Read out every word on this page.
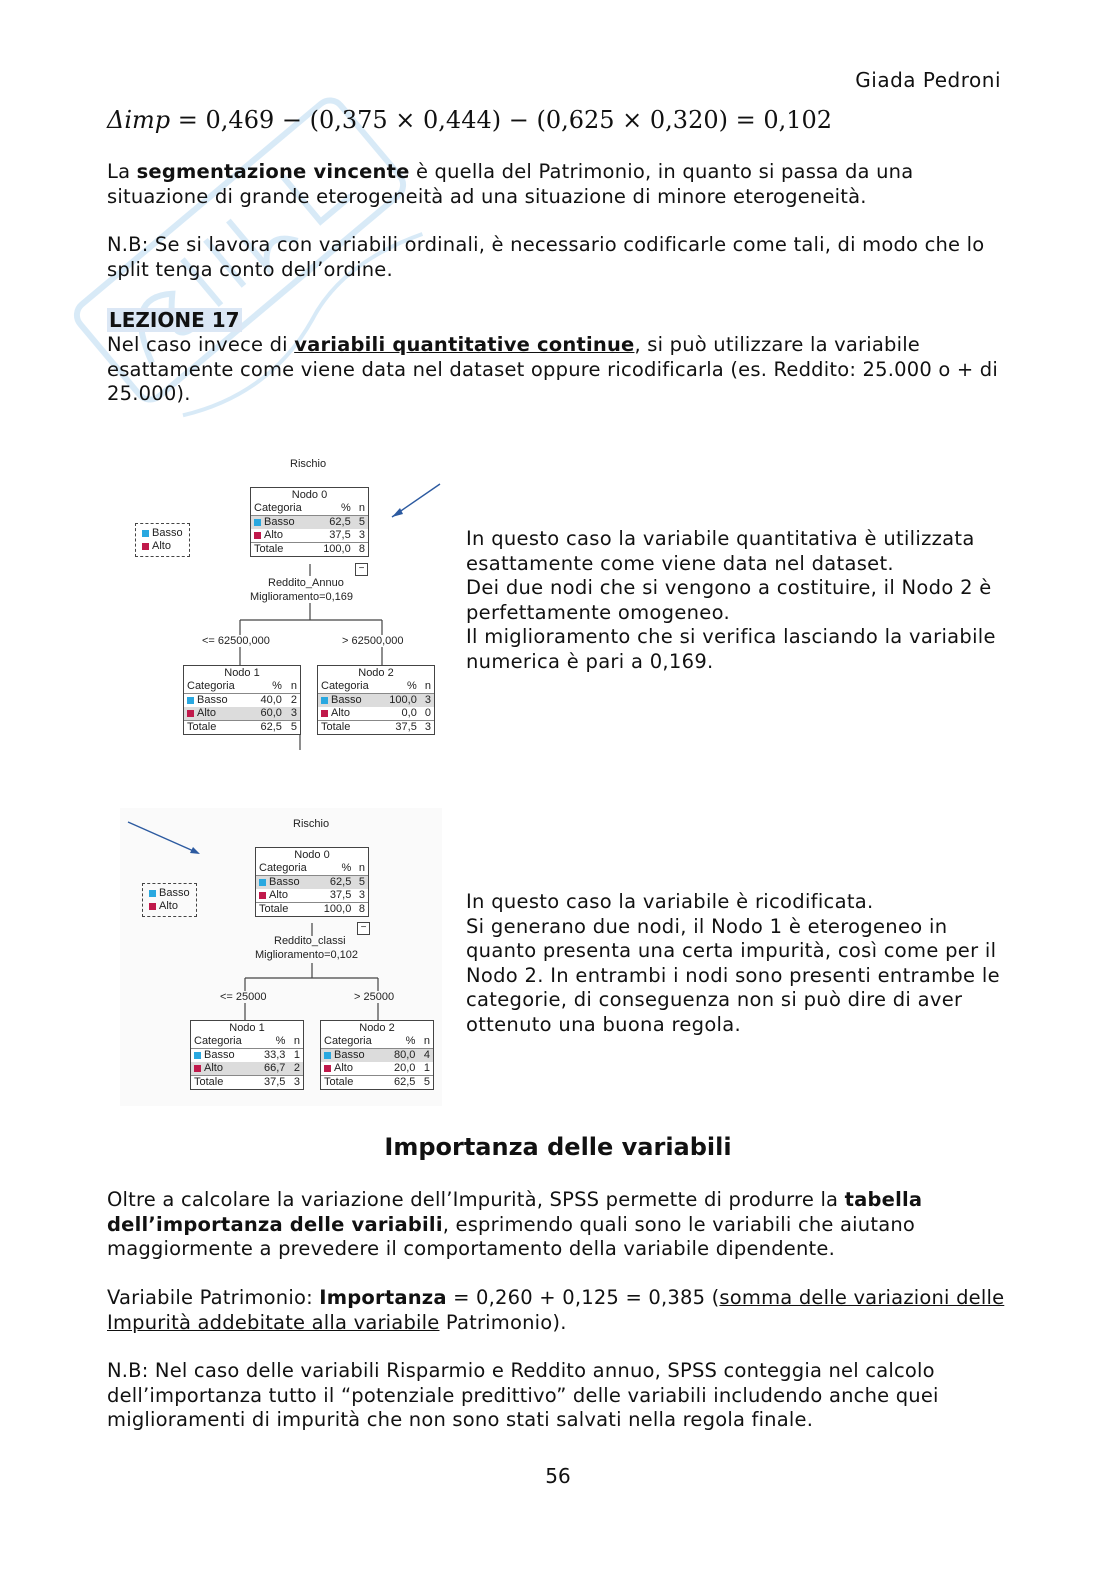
Giada Pedroni
Δimp = 0,469 − (0,375 × 0,444) − (0,625 × 0,320) = 0,102

La segmentazione vincente è quella del Patrimonio, in quanto si passa da una situazione di grande eterogeneità ad una situazione di minore eterogeneità.

N.B: Se si lavora con variabili ordinali, è necessario codificarle come tali, di modo che lo split tenga conto dell’ordine.

LEZIONE 17

Nel caso invece di variabili quantitative continue, si può utilizzare la variabile esattamente come viene data nel dataset oppure ricodificarla (es. Reddito: 25.000 o + di 25.000).

Rischio
Basso
Alto
Nodo 0
Categoria	%	n
Basso	62,5	5
Alto	37,5	3
Totale	100,0	8
−
Reddito_Annuo
Miglioramento=0,169
<= 62500,000	> 62500,000
Nodo 1
Categoria	%	n
Basso	40,0	2
Alto	60,0	3
Totale	62,5	5
Nodo 2
Categoria	%	n
Basso	100,0	3
Alto	0,0	0
Totale	37,5	3

In questo caso la variabile quantitativa è utilizzata esattamente come viene data nel dataset.

Dei due nodi che si vengono a costituire, il Nodo 2 è perfettamente omogeneo.

Il miglioramento che si verifica lasciando la variabile numerica è pari a 0,169.

Rischio
Basso
Alto
Nodo 0
Categoria	%	n
Basso	62,5	5
Alto	37,5	3
Totale	100,0	8
−
Reddito_classi
Miglioramento=0,102
<= 25000	> 25000
Nodo 1
Categoria	%	n
Basso	33,3	1
Alto	66,7	2
Totale	37,5	3
Nodo 2
Categoria	%	n
Basso	80,0	4
Alto	20,0	1
Totale	62,5	5

In questo caso la variabile è ricodificata.

Si generano due nodi, il Nodo 1 è eterogeneo in quanto presenta una certa impurità, così come per il Nodo 2. In entrambi i nodi sono presenti entrambe le categorie, di conseguenza non si può dire di aver ottenuto una buona regola.

Importanza delle variabili

Oltre a calcolare la variazione dell’Impurità, SPSS permette di produrre la tabella dell’importanza delle variabili, esprimendo quali sono le variabili che aiutano maggiormente a prevedere il comportamento della variabile dipendente.

Variabile Patrimonio: Importanza = 0,260 + 0,125 = 0,385 (somma delle variazioni delle Impurità addebitate alla variabile Patrimonio).

N.B: Nel caso delle variabili Risparmio e Reddito annuo, SPSS conteggia nel calcolo dell’importanza tutto il “potenziale predittivo” delle variabili includendo anche quei miglioramenti di impurità che non sono stati salvati nella regola finale.

56
